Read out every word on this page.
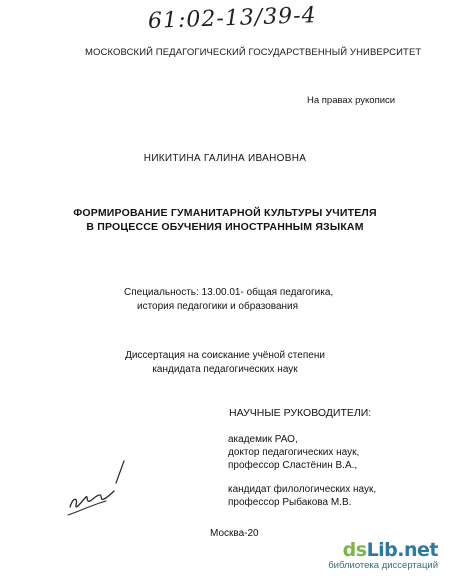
61:02-13/39-4
МОСКОВСКИЙ ПЕДАГОГИЧЕСКИЙ ГОСУДАРСТВЕННЫЙ УНИВЕРСИТЕТ
На правах рукописи
НИКИТИНА ГАЛИНА ИВАНОВНА
ФОРМИРОВАНИЕ ГУМАНИТАРНОЙ КУЛЬТУРЫ УЧИТЕЛЯ
В ПРОЦЕССЕ ОБУЧЕНИЯ ИНОСТРАННЫМ ЯЗЫКАМ
Специальность: 13.00.01- общая педагогика,
история педагогики и образования
Диссертация на соискание учёной степени
кандидата педагогических наук
НАУЧНЫЕ РУКОВОДИТЕЛИ:
академик РАО,
доктор педагогических наук,
профессор Сластёнин В.А.,
кандидат филологических наук,
профессор Рыбакова М.В.
Москва-20
dsLib.net
библиотека диссертаций
